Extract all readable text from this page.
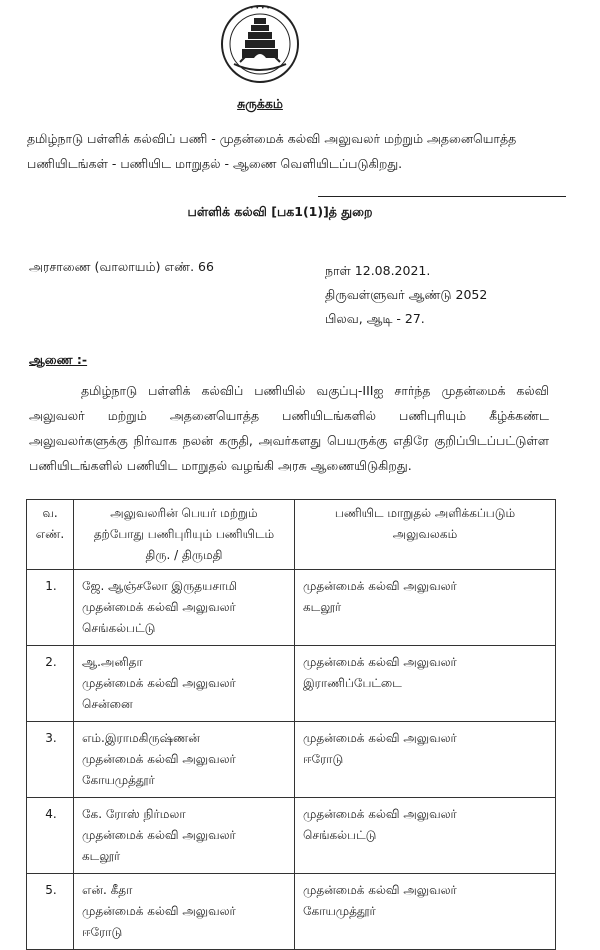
• • • •
சுருக்கம்
தமிழ்நாடு பள்ளிக் கல்விப் பணி - முதன்மைக் கல்வி அலுவலர் மற்றும் அதனையொத்த பணியிடங்கள் - பணியிட மாறுதல் - ஆணை வெளியிடப்படுகிறது.
பள்ளிக் கல்வி [பக1(1)]த் துறை
அரசாணை (வாலாயம்) எண். 66	நாள் 12.08.2021.
திருவள்ளுவர் ஆண்டு 2052
பிலவ, ஆடி - 27.
ஆணை :-
தமிழ்நாடு பள்ளிக் கல்விப் பணியில் வகுப்பு-IIIஐ சார்ந்த முதன்மைக் கல்வி அலுவலர் மற்றும் அதனையொத்த பணியிடங்களில் பணிபுரியும் கீழ்க்கண்ட அலுவலர்களுக்கு நிர்வாக நலன் கருதி, அவர்களது பெயருக்கு எதிரே குறிப்பிடப்பட்டுள்ள பணியிடங்களில் பணியிட மாறுதல் வழங்கி அரசு ஆணையிடுகிறது.
வ.
எண்.	அலுவலரின் பெயர் மற்றும்
தற்போது பணிபுரியும் பணியிடம்
திரு. / திருமதி	பணியிட மாறுதல் அளிக்கப்படும்
அலுவலகம்

1.	ஜே. ஆஞ்சலோ இருதயசாமி
முதன்மைக் கல்வி அலுவலர்
செங்கல்பட்டு	முதன்மைக் கல்வி அலுவலர்
கடலூர்

2.	ஆ.அனிதா
முதன்மைக் கல்வி அலுவலர்
சென்னை	முதன்மைக் கல்வி அலுவலர்
இராணிப்பேட்டை

3.	எம்.இராமகிருஷ்ணன்
முதன்மைக் கல்வி அலுவலர்
கோயமுத்தூர்	முதன்மைக் கல்வி அலுவலர்
ஈரோடு

4.	கே. ரோஸ் நிர்மலா
முதன்மைக் கல்வி அலுவலர்
கடலூர்	முதன்மைக் கல்வி அலுவலர்
செங்கல்பட்டு

5.	என். கீதா
முதன்மைக் கல்வி அலுவலர்
ஈரோடு	முதன்மைக் கல்வி அலுவலர்
கோயமுத்தூர்
